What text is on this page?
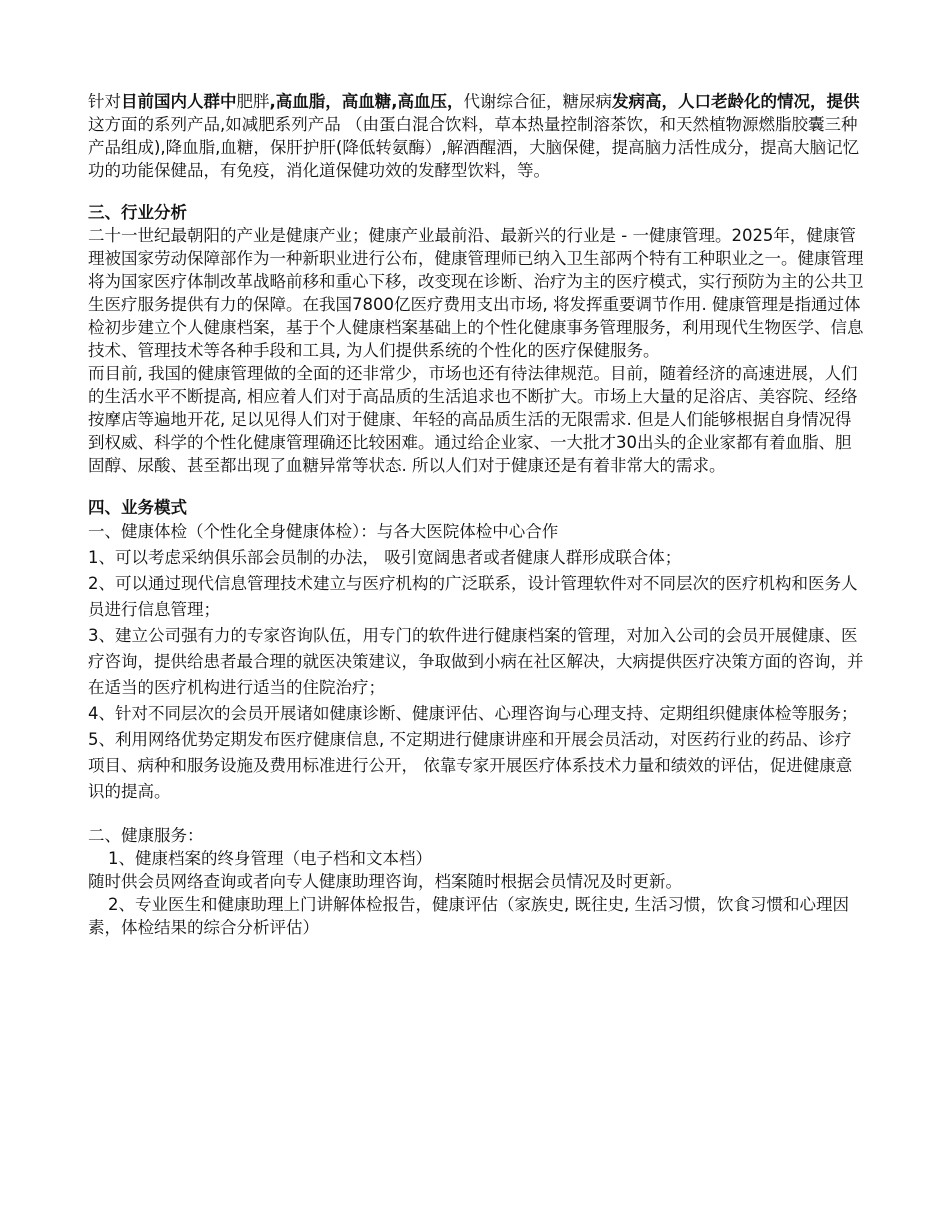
针对目前国内人群中肥胖,高血脂，高血糖,高血压，代谢综合征，糖尿病发病高，人口老龄化的情况，提供这方面的系列产品,如减肥系列产品 （由蛋白混合饮料，草本热量控制溶茶饮，和天然植物源燃脂胶囊三种产品组成),降血脂,血糖，保肝护肝(降低转氨酶）,解酒醒酒，大脑保健，提高脑力活性成分，提高大脑记忆功的功能保健品，有免疫，消化道保健功效的发酵型饮料，等。

三、行业分析

二十一世纪最朝阳的产业是健康产业；健康产业最前沿、最新兴的行业是 - 一健康管理。2025年，健康管理被国家劳动保障部作为一种新职业进行公布，健康管理师已纳入卫生部两个特有工种职业之一。健康管理将为国家医疗体制改革战略前移和重心下移，改变现在诊断、治疗为主的医疗模式，实行预防为主的公共卫生医疗服务提供有力的保障。在我国7800亿医疗费用支出市场, 将发挥重要调节作用. 健康管理是指通过体检初步建立个人健康档案，基于个人健康档案基础上的个性化健康事务管理服务，利用现代生物医学、信息技术、管理技术等各种手段和工具, 为人们提供系统的个性化的医疗保健服务。

而目前, 我国的健康管理做的全面的还非常少，市场也还有待法律规范。目前，随着经济的高速进展，人们的生活水平不断提高, 相应着人们对于高品质的生活追求也不断扩大。市场上大量的足浴店、美容院、经络按摩店等遍地开花, 足以见得人们对于健康、年轻的高品质生活的无限需求. 但是人们能够根据自身情况得到权威、科学的个性化健康管理确还比较困难。通过给企业家、一大批才30出头的企业家都有着血脂、胆固醇、尿酸、甚至都出现了血糖异常等状态. 所以人们对于健康还是有着非常大的需求。

四、业务模式

一、健康体检（个性化全身健康体检）：与各大医院体检中心合作

1、可以考虑采纳俱乐部会员制的办法， 吸引宽阔患者或者健康人群形成联合体；

2、可以通过现代信息管理技术建立与医疗机构的广泛联系，设计管理软件对不同层次的医疗机构和医务人员进行信息管理；

3、建立公司强有力的专家咨询队伍，用专门的软件进行健康档案的管理，对加入公司的会员开展健康、医疗咨询，提供给患者最合理的就医决策建议，争取做到小病在社区解决，大病提供医疗决策方面的咨询，并在适当的医疗机构进行适当的住院治疗；

4、针对不同层次的会员开展诸如健康诊断、健康评估、心理咨询与心理支持、定期组织健康体检等服务；

5、利用网络优势定期发布医疗健康信息, 不定期进行健康讲座和开展会员活动，对医药行业的药品、诊疗项目、病种和服务设施及费用标准进行公开， 依靠专家开展医疗体系技术力量和绩效的评估，促进健康意识的提高。

二、健康服务：

1、健康档案的终身管理（电子档和文本档）

随时供会员网络查询或者向专人健康助理咨询，档案随时根据会员情况及时更新。

2、专业医生和健康助理上门讲解体检报告，健康评估（家族史, 既往史, 生活习惯，饮食习惯和心理因素，体检结果的综合分析评估）
